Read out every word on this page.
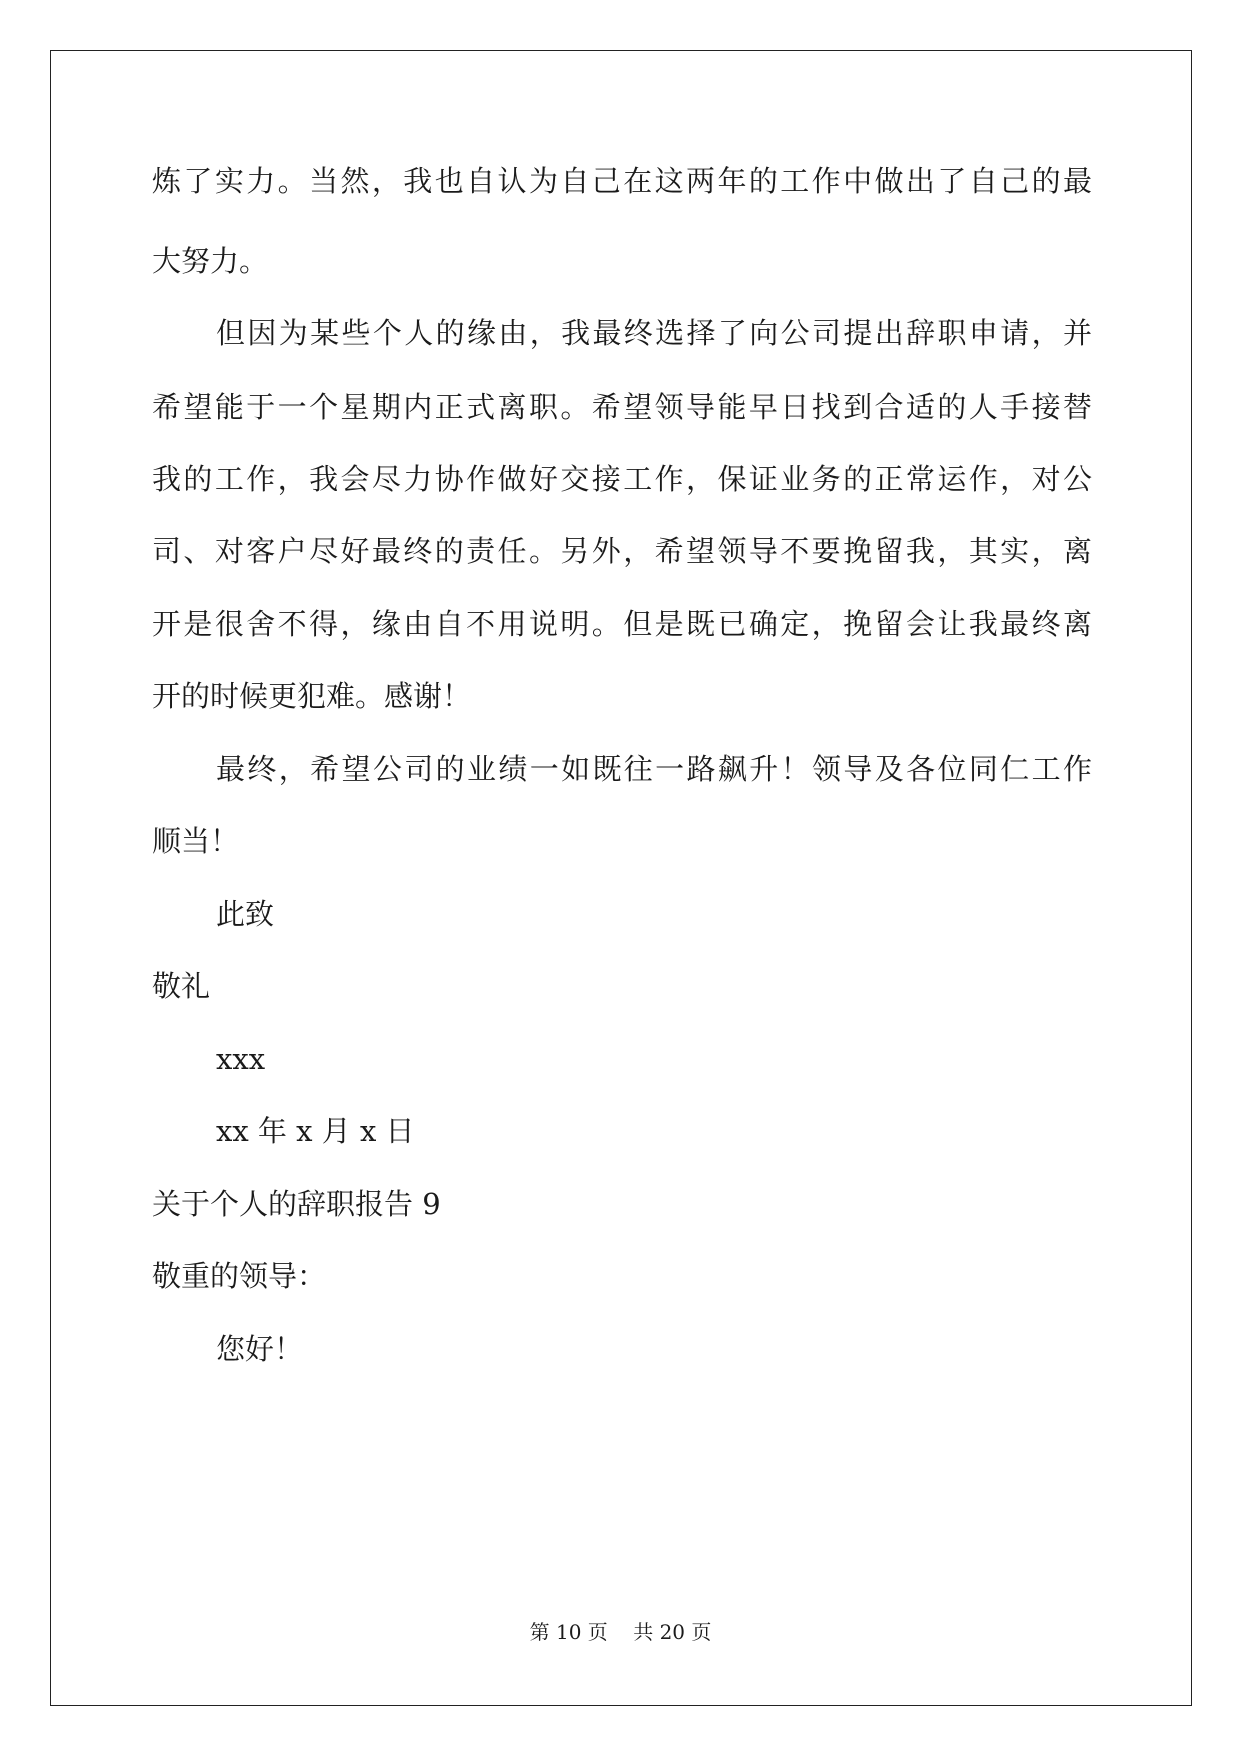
炼了实力。当然，我也自认为自己在这两年的工作中做出了自己的最
大努力。
但因为某些个人的缘由，我最终选择了向公司提出辞职申请，并
希望能于一个星期内正式离职。希望领导能早日找到合适的人手接替
我的工作，我会尽力协作做好交接工作，保证业务的正常运作，对公
司、对客户尽好最终的责任。另外，希望领导不要挽留我，其实，离
开是很舍不得，缘由自不用说明。但是既已确定，挽留会让我最终离
开的时候更犯难。感谢！
最终，希望公司的业绩一如既往一路飙升！领导及各位同仁工作
顺当！
此致
敬礼
xxx
xx 年 x 月 x 日
关于个人的辞职报告 9
敬重的领导：
您好！
第 10 页 共 20 页
